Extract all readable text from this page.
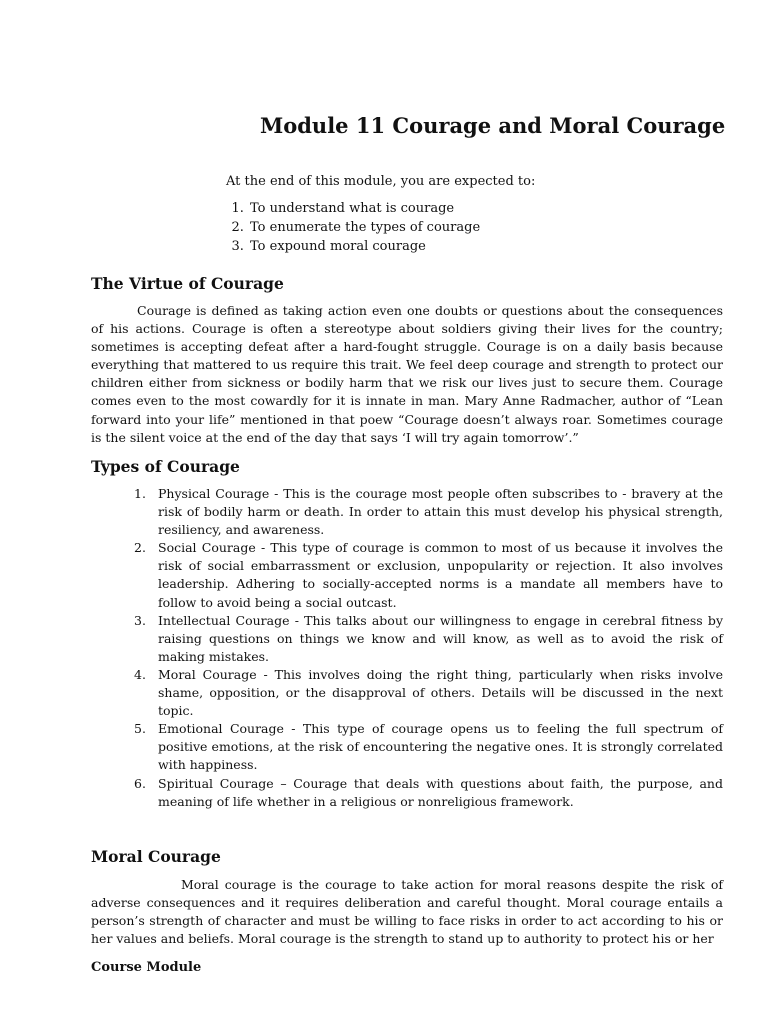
Module 11 Courage and Moral Courage

At the end of this module, you are expected to:

1. To understand what is courage
2. To enumerate the types of courage
3. To expound moral courage
The Virtue of Courage

Courage is defined as taking action even one doubts or questions about the consequences of his actions. Courage is often a stereotype about soldiers giving their lives for the country; sometimes is accepting defeat after a hard-fought struggle. Courage is on a daily basis because everything that mattered to us require this trait. We feel deep courage and strength to protect our children either from sickness or bodily harm that we risk our lives just to secure them. Courage comes even to the most cowardly for it is innate in man. Mary Anne Radmacher, author of “Lean forward into your life” mentioned in that poew “Courage doesn’t always roar. Sometimes courage is the silent voice at the end of the day that says ‘I will try again tomorrow’.”

Types of Courage
1. Physical Courage - This is the courage most people often subscribes to - bravery at the risk of bodily harm or death. In order to attain this must develop his physical strength, resiliency, and awareness.
2. Social Courage - This type of courage is common to most of us because it involves the risk of social embarrassment or exclusion, unpopularity or rejection. It also involves leadership. Adhering to socially-accepted norms is a mandate all members have to follow to avoid being a social outcast.
3. Intellectual Courage - This talks about our willingness to engage in cerebral fitness by raising questions on things we know and will know, as well as to avoid the risk of making mistakes.
4. Moral Courage - This involves doing the right thing, particularly when risks involve shame, opposition, or the disapproval of others. Details will be discussed in the next topic.
5. Emotional Courage - This type of courage opens us to feeling the full spectrum of positive emotions, at the risk of encountering the negative ones. It is strongly correlated with happiness.
6. Spiritual Courage – Courage that deals with questions about faith, the purpose, and meaning of life whether in a religious or nonreligious framework.
Moral Courage

Moral courage is the courage to take action for moral reasons despite the risk of adverse consequences and it requires deliberation and careful thought. Moral courage entails a person’s strength of character and must be willing to face risks in order to act according to his or her values and beliefs. Moral courage is the strength to stand up to authority to protect his or her

Course Module
